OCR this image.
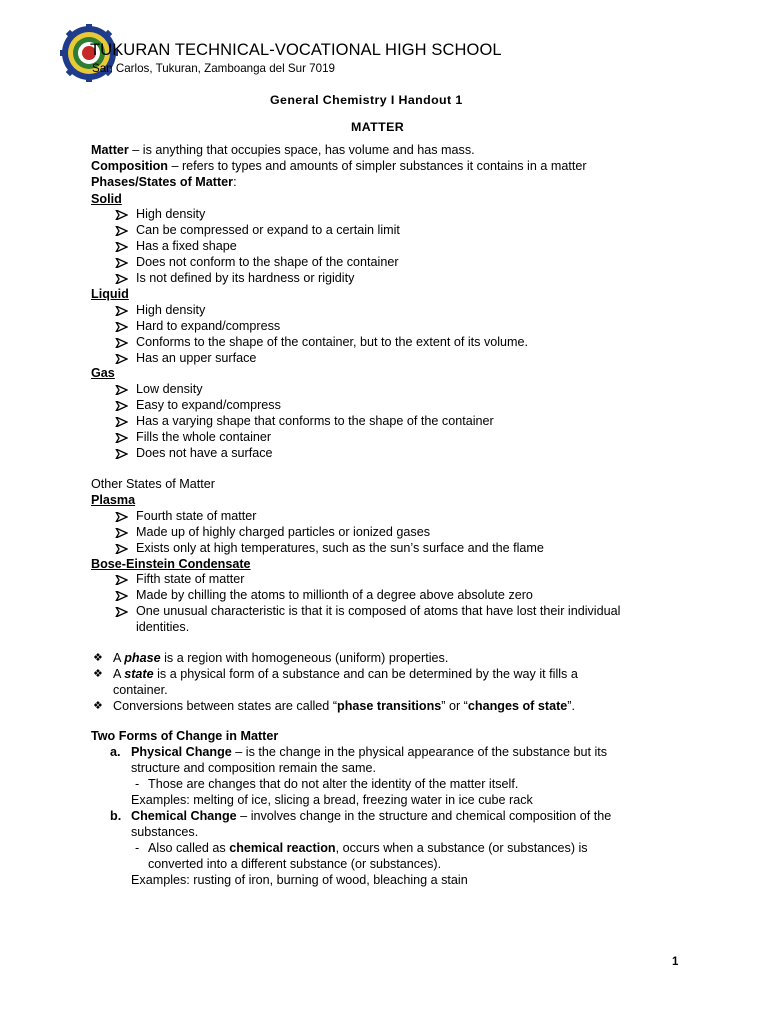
TUKURAN TECHNICAL-VOCATIONAL HIGH SCHOOL
San Carlos, Tukuran, Zamboanga del Sur 7019
General Chemistry I Handout 1
MATTER
Matter – is anything that occupies space, has volume and has mass.
Composition – refers to types and amounts of simpler substances it contains in a matter
Phases/States of Matter:
Solid
High density
Can be compressed or expand to a certain limit
Has a fixed shape
Does not conform to the shape of the container
Is not defined by its hardness or rigidity
Liquid
High density
Hard to expand/compress
Conforms to the shape of the container, but to the extent of its volume.
Has an upper surface
Gas
Low density
Easy to expand/compress
Has a varying shape that conforms to the shape of the container
Fills the whole container
Does not have a surface
Other States of Matter
Plasma
Fourth state of matter
Made up of highly charged particles or ionized gases
Exists only at high temperatures, such as the sun’s surface and the flame
Bose-Einstein Condensate
Fifth state of matter
Made by chilling the atoms to millionth of a degree above absolute zero
One unusual characteristic is that it is composed of atoms that have lost their individual
identities.
❖ A phase is a region with homogeneous (uniform) properties.
❖ A state is a physical form of a substance and can be determined by the way it fills a
container.
❖ Conversions between states are called “phase transitions” or “changes of state”.
Two Forms of Change in Matter
a. Physical Change – is the change in the physical appearance of the substance but its
structure and composition remain the same.
- Those are changes that do not alter the identity of the matter itself.
Examples: melting of ice, slicing a bread, freezing water in ice cube rack
b. Chemical Change – involves change in the structure and chemical composition of the
substances.
- Also called as chemical reaction, occurs when a substance (or substances) is
converted into a different substance (or substances).
Examples: rusting of iron, burning of wood, bleaching a stain
1
